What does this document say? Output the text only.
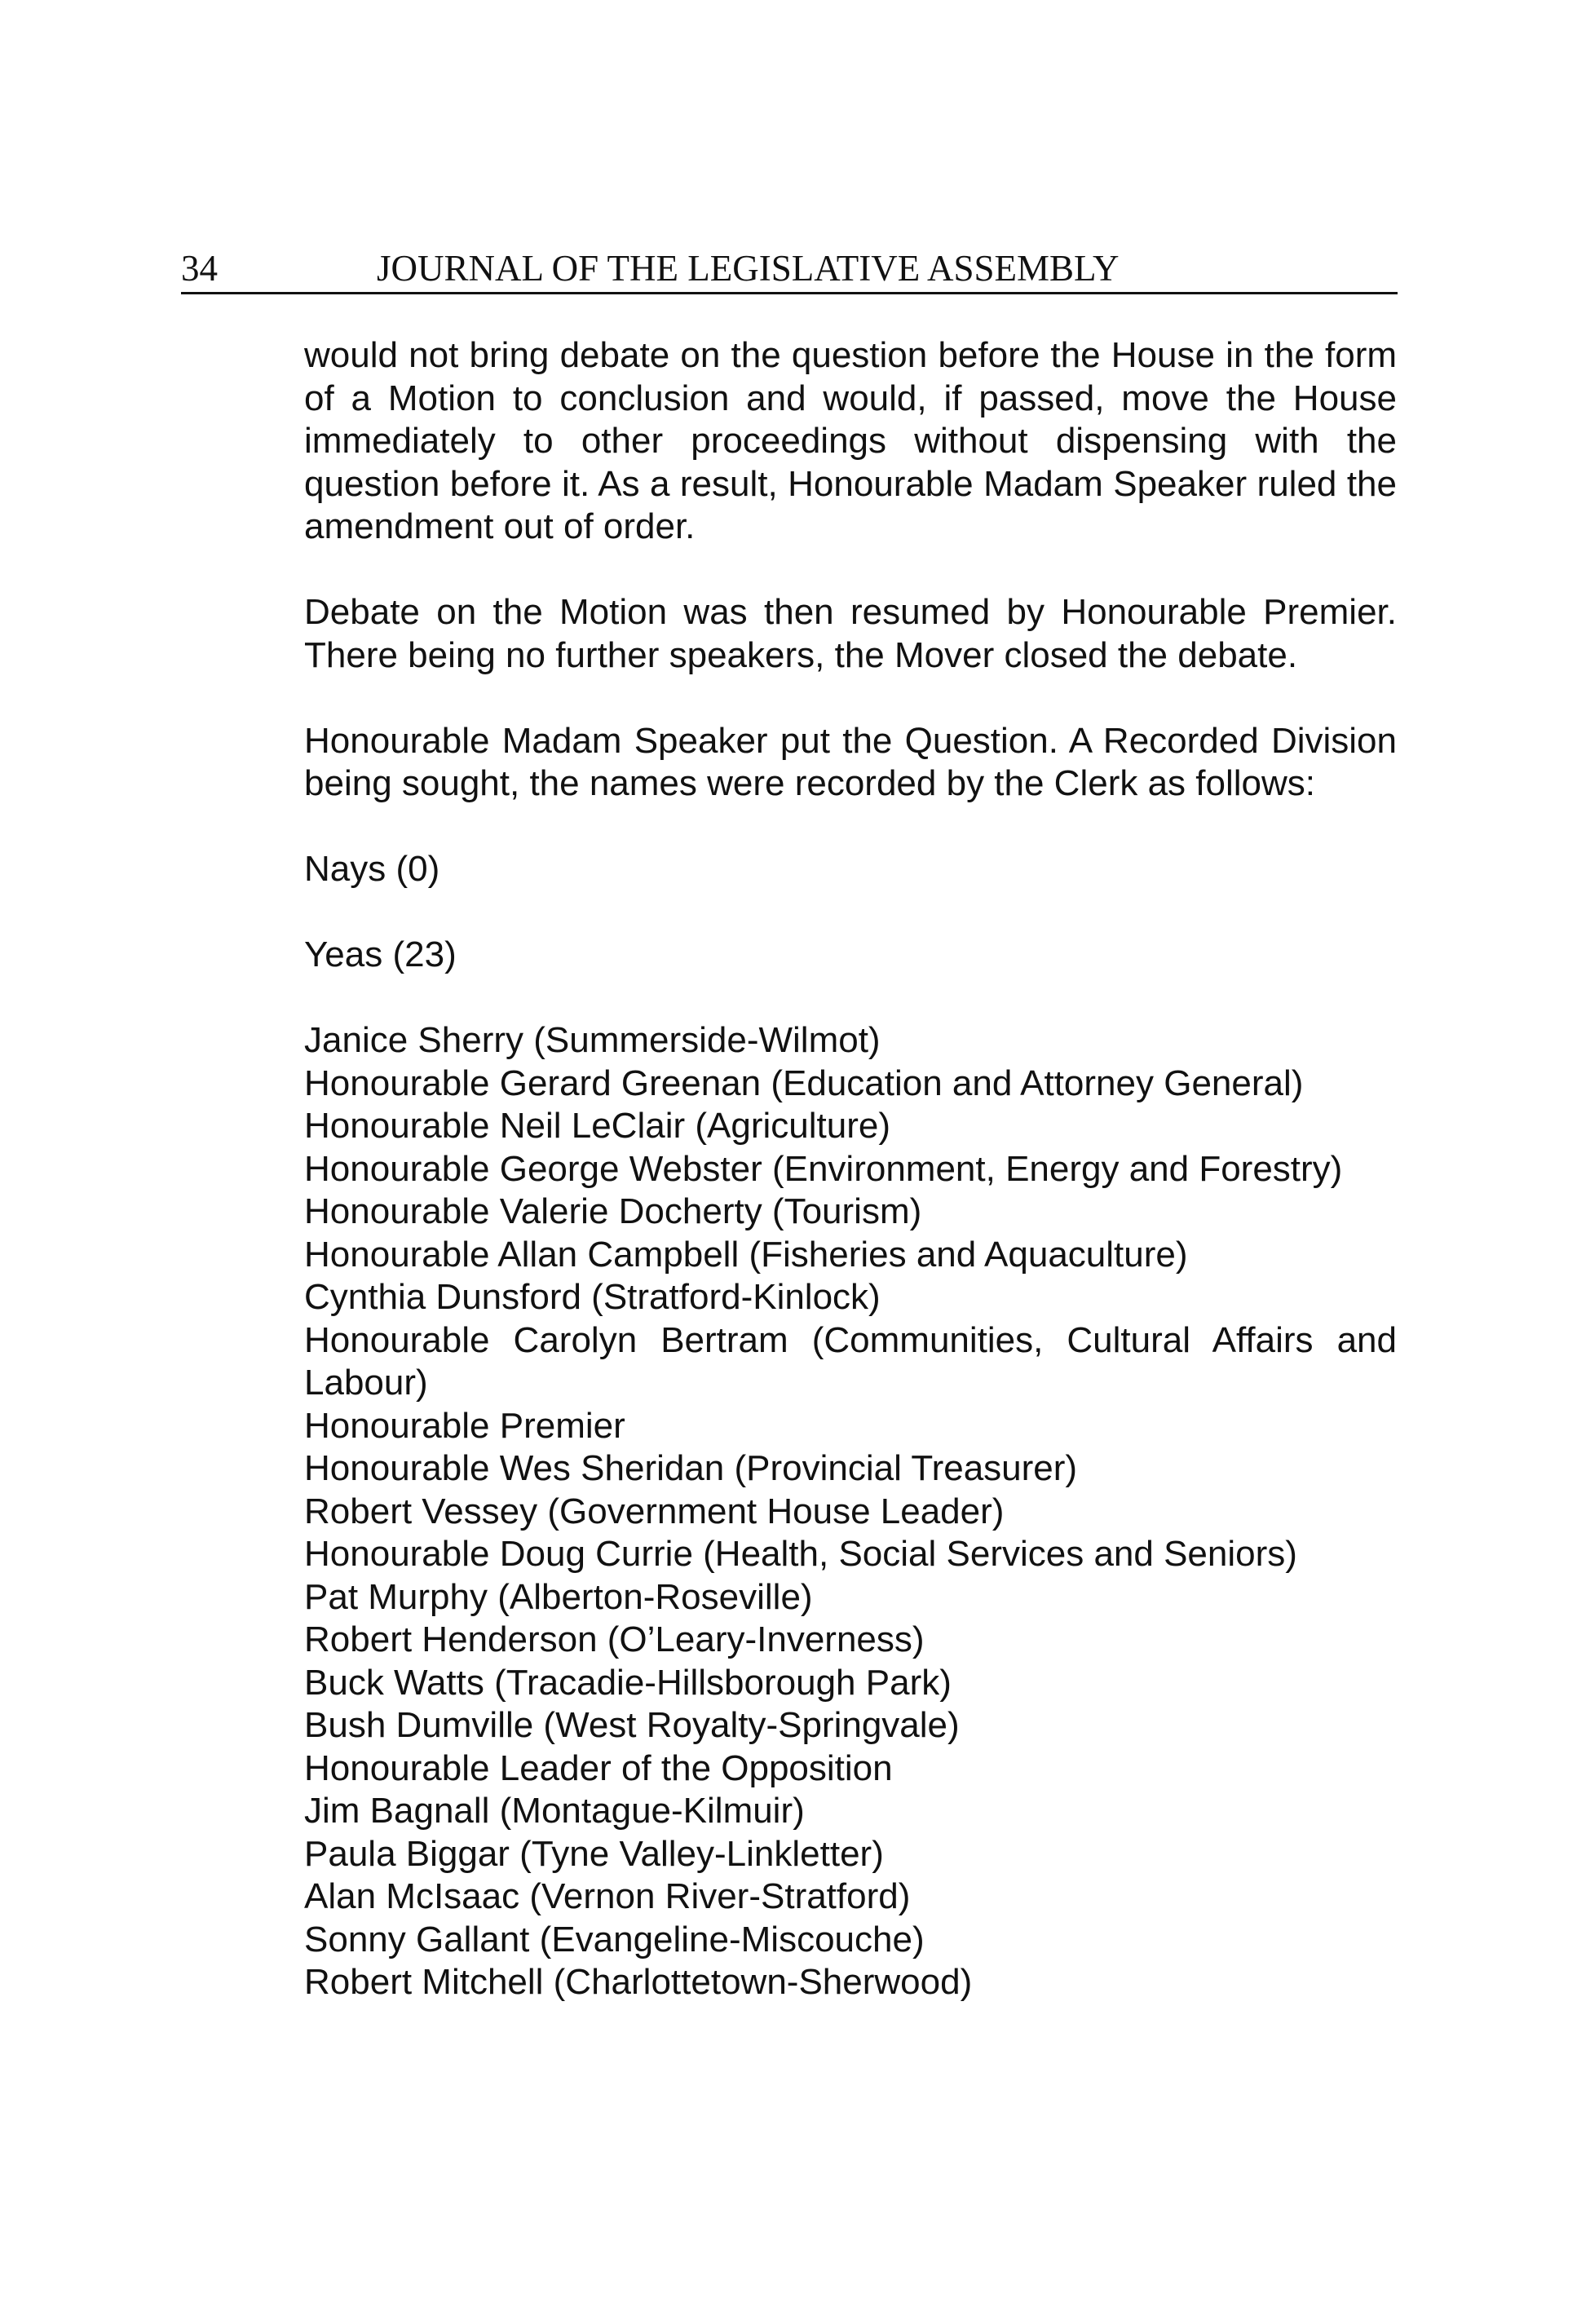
34	JOURNAL OF THE LEGISLATIVE ASSEMBLY

would not bring debate on the question before the House in the form of a Motion to conclusion and would, if passed, move the House immediately to other proceedings without dispensing with the question before it. As a result, Honourable Madam Speaker ruled the amendment out of order.

Debate on the Motion was then resumed by Honourable Premier. There being no further speakers, the Mover closed the debate.

Honourable Madam Speaker put the Question. A Recorded Division being sought, the names were recorded by the Clerk as follows:

Nays (0)
Yeas (23)
Janice Sherry (Summerside-Wilmot)
Honourable Gerard Greenan (Education and Attorney General)
Honourable Neil LeClair (Agriculture)
Honourable George Webster (Environment, Energy and Forestry)
Honourable Valerie Docherty (Tourism)
Honourable Allan Campbell (Fisheries and Aquaculture)
Cynthia Dunsford (Stratford-Kinlock)
Honourable Carolyn Bertram (Communities, Cultural Affairs and Labour)
Honourable Premier
Honourable Wes Sheridan (Provincial Treasurer)
Robert Vessey (Government House Leader)
Honourable Doug Currie (Health, Social Services and Seniors)
Pat Murphy (Alberton-Roseville)
Robert Henderson (O’Leary-Inverness)
Buck Watts (Tracadie-Hillsborough Park)
Bush Dumville (West Royalty-Springvale)
Honourable Leader of the Opposition
Jim Bagnall (Montague-Kilmuir)
Paula Biggar (Tyne Valley-Linkletter)
Alan McIsaac (Vernon River-Stratford)
Sonny Gallant (Evangeline-Miscouche)
Robert Mitchell (Charlottetown-Sherwood)
